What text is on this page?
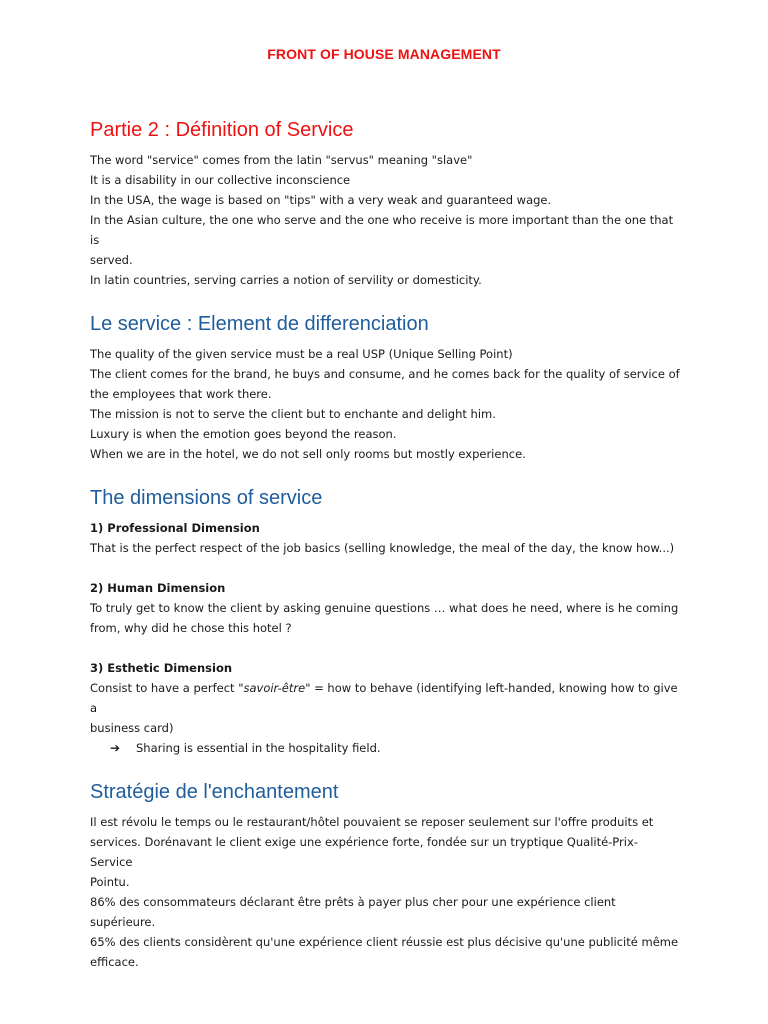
FRONT OF HOUSE MANAGEMENT
Partie 2 : Définition of Service
The word "service" comes from the latin "servus" meaning "slave"
It is a disability in our collective inconscience
In the USA, the wage is based on "tips" with a very weak and guaranteed wage.
In the Asian culture, the one who serve and the one who receive is more important than the one that is
served.
In latin countries, serving carries a notion of servility or domesticity.
Le service : Element de differenciation
The quality of the given service must be a real USP (Unique Selling Point)
The client comes for the brand, he buys and consume, and he comes back for the quality of service of
the employees that work there.
The mission is not to serve the client but to enchante and delight him.
Luxury is when the emotion goes beyond the reason.
When we are in the hotel, we do not sell only rooms but mostly experience.
The dimensions of service
1) Professional Dimension
That is the perfect respect of the job basics (selling knowledge, the meal of the day, the know how...)
2) Human Dimension
To truly get to know the client by asking genuine questions … what does he need, where is he coming
from, why did he chose this hotel ?
3) Esthetic Dimension
Consist to have a perfect "savoir-être" = how to behave (identifying left-handed, knowing how to give a
business card)
➔	Sharing is essential in the hospitality field.
Stratégie de l'enchantement
Il est révolu le temps ou le restaurant/hôtel pouvaient se reposer seulement sur l'offre produits et
services. Dorénavant le client exige une expérience forte, fondée sur un tryptique Qualité-Prix-Service
Pointu.
86% des consommateurs déclarant être prêts à payer plus cher pour une expérience client supérieure.
65% des clients considèrent qu'une expérience client réussie est plus décisive qu'une publicité même
efficace.
